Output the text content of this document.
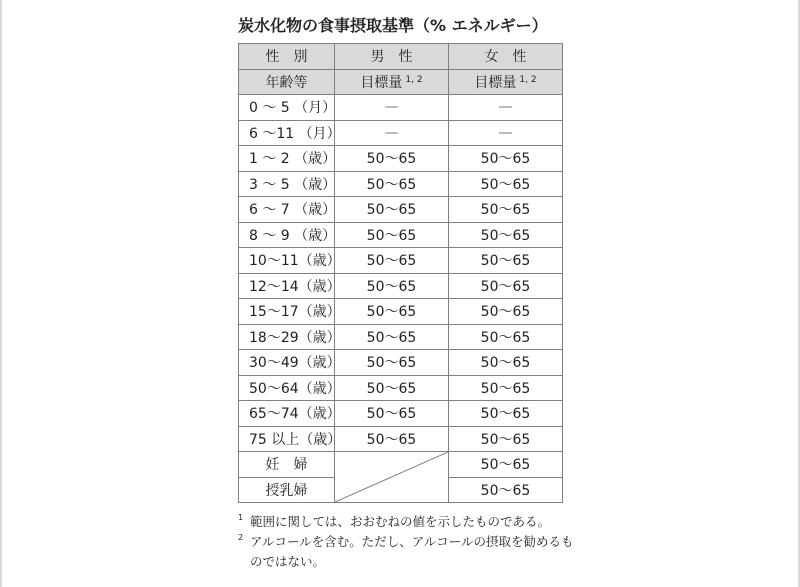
炭水化物の食事摂取基準（% エネルギー）
性　別	男　性	女　性
年齢等	目標量 $^{1, 2}$	目標量 $^{1, 2}$
0 ～ 5 （月）	—	—
6 ～11 （月）	—	—
1 ～ 2 （歳）	50～65	50～65
3 ～ 5 （歳）	50～65	50～65
6 ～ 7 （歳）	50～65	50～65
8 ～ 9 （歳）	50～65	50～65
10～11（歳）	50～65	50～65
12～14（歳）	50～65	50～65
15～17（歳）	50～65	50～65
18～29（歳）	50～65	50～65
30～49（歳）	50～65	50～65
50～64（歳）	50～65	50～65
65～74（歳）	50～65	50～65
75 以上（歳）	50～65	50～65
妊　婦		50～65
授乳婦		50～65
1 範囲に関しては、おおむねの値を示したものである。
2 アルコールを含む。ただし、アルコールの摂取を勧めるものではない。
